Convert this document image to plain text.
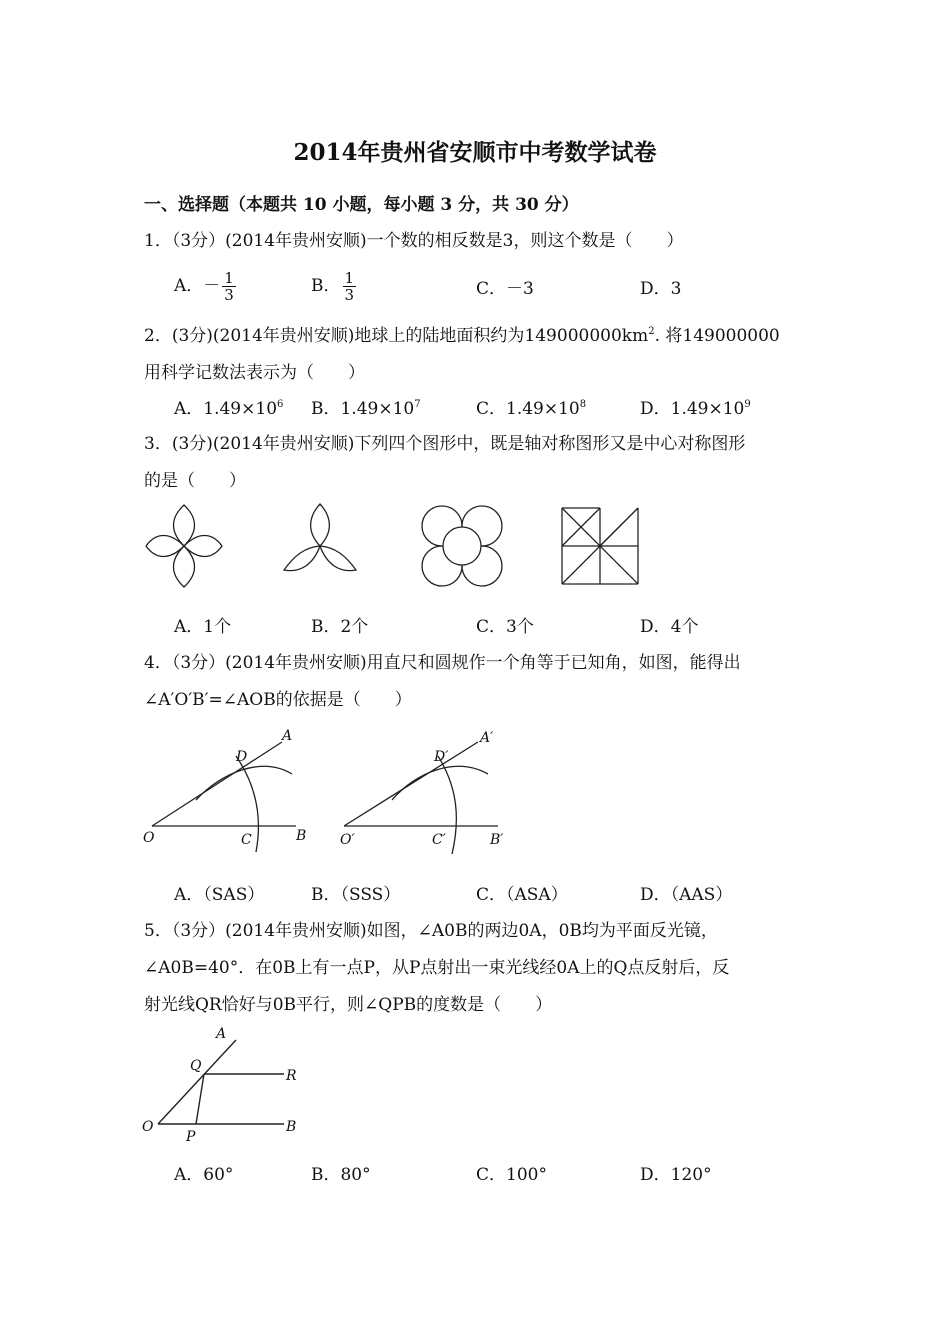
2014年贵州省安顺市中考数学试卷
一、选择题（本题共 10 小题，每小题 3 分，共 30 分）
1．（3分）(2014年贵州安顺)一个数的相反数是3，则这个数是（　　）
A．－ $\frac{1}{3}$	B． $\frac{1}{3}$	C．－3	D．3
2．(3分)(2014年贵州安顺)地球上的陆地面积约为$149000000km^2$. 将149000000
用科学记数法表示为（　　）
A．$1.49\times 10^6$ B．$1.49\times 10^7$	C．$1.49\times 10^8$	D．$1.49\times 10^9$
3．(3分)(2014年贵州安顺)下列四个图形中，既是轴对称图形又是中心对称图形
的是（　　）
A．1个	B．2个	C．3个	D．4个
4．（3分）(2014年贵州安顺)用直尺和圆规作一个角等于已知角，如图，能得出
∠A′O′B′=∠AOB的依据是（　　）
A
D
O	C	B
A′
D′
O′	C′	B′
A．（SAS）	B．（SSS）	C．（ASA）	D．（AAS）
5．（3分）(2014年贵州安顺)如图，∠A0B的两边0A，0B均为平面反光镜，
∠A0B=40°．在0B上有一点P，从P点射出一束光线经0A上的Q点反射后，反
射光线QR恰好与0B平行，则∠QPB的度数是（　　）
A
Q
R
O
P
B
A．60°	B．80°	C．100°	D．120°
